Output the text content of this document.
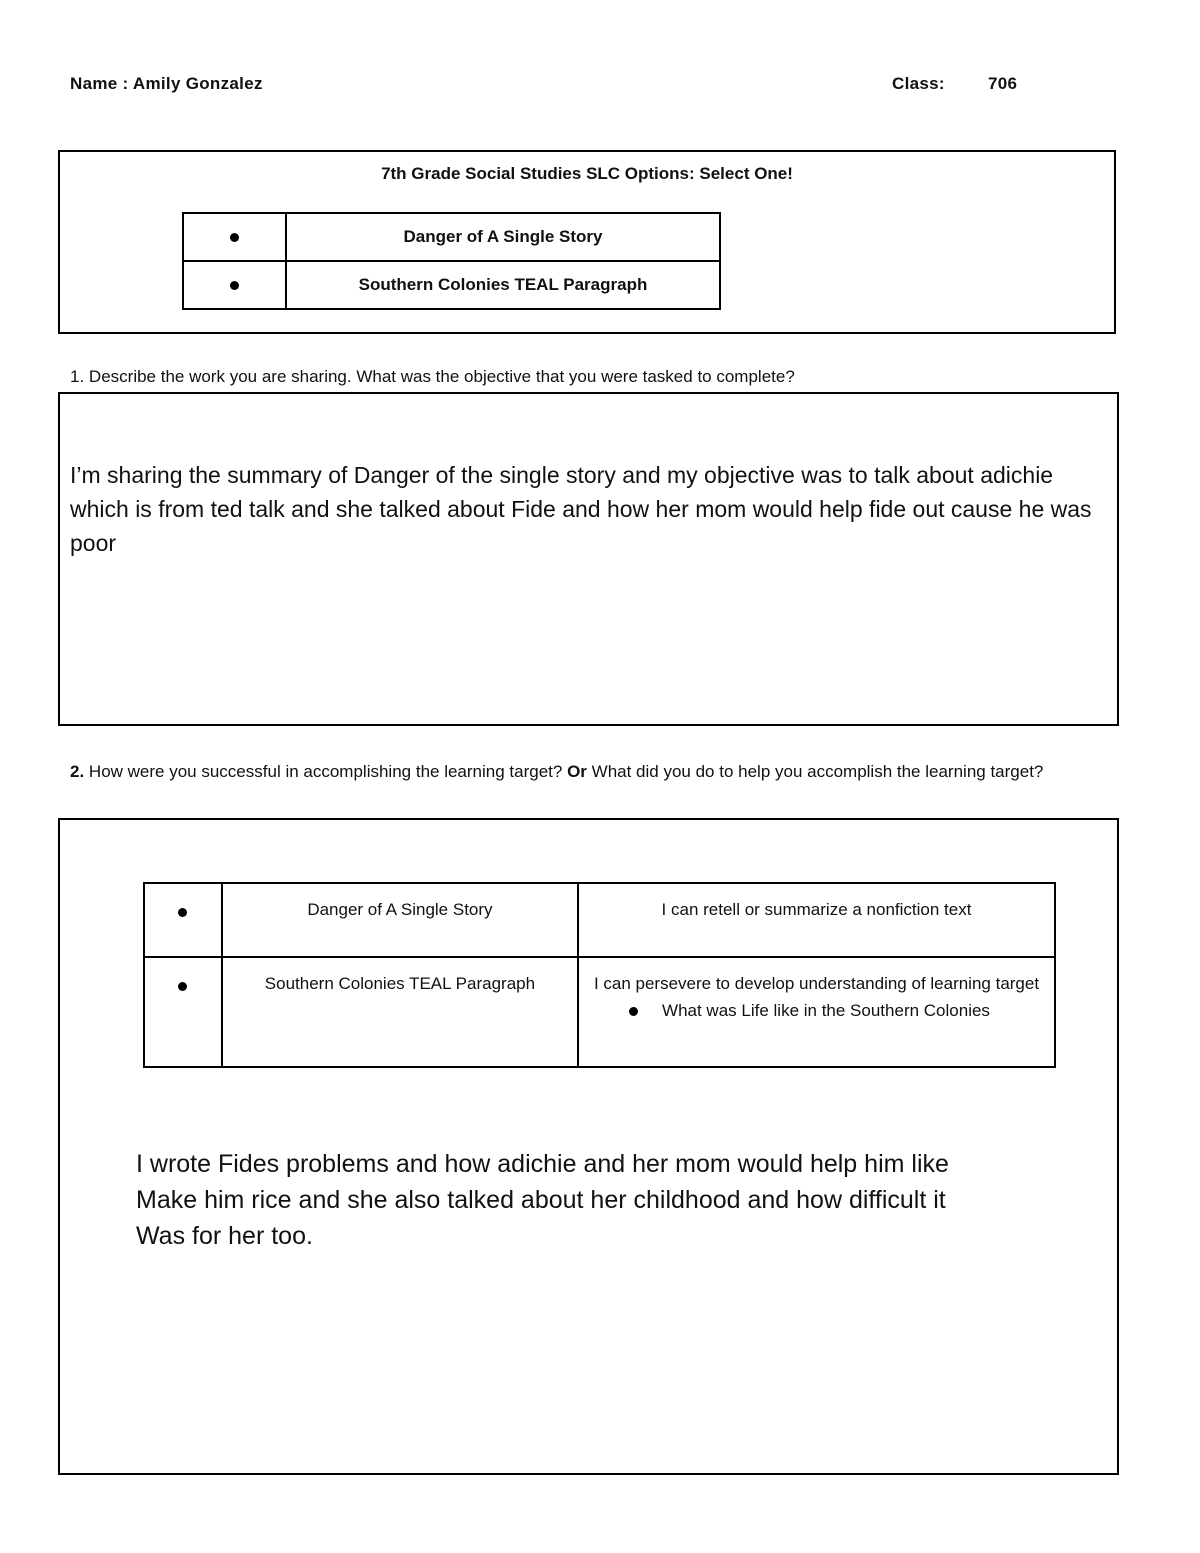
Name : Amily Gonzalez	Class:	706
7th Grade Social Studies SLC Options: Select One!
	Danger of A Single Story
	Southern Colonies TEAL Paragraph
1. Describe the work you are sharing. What was the objective that you were tasked to complete?
I’m sharing the summary of Danger of the single story and my objective was to talk about adichie which is from ted talk and she talked about Fide and how her mom would help fide out cause he was poor
2. How were you successful in accomplishing the learning target? Or What did you do to help you accomplish the learning target?
	Danger of A Single Story	I can retell or summarize a nonfiction text
	Southern Colonies TEAL Paragraph	I can persevere to develop understanding of learning target
What was Life like in the Southern Colonies
I wrote Fides problems and how adichie and her mom would help him like
Make him rice and she also talked about her childhood and how difficult it
Was for her too.
